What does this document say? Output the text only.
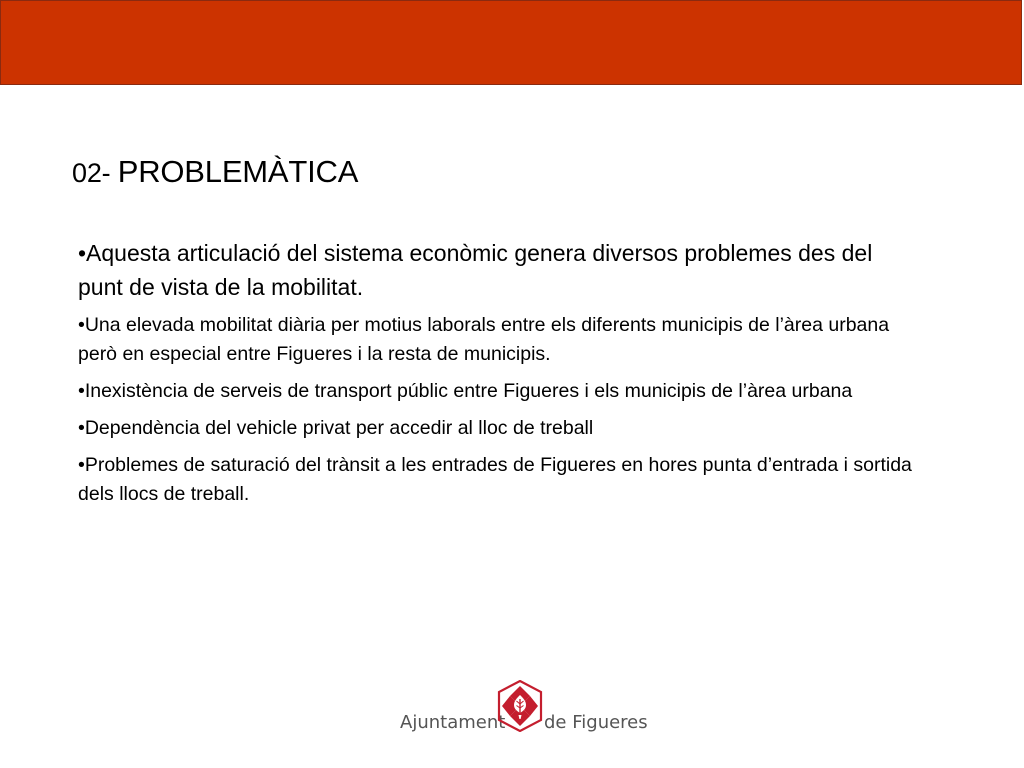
02- PROBLEMÀTICA

•Aquesta articulació del sistema econòmic genera diversos problemes des del punt de vista de la mobilitat.

•Una elevada mobilitat diària per motius laborals entre els diferents municipis de l’àrea urbana però en especial entre Figueres i la resta de municipis.

•Inexistència de serveis de transport públic entre Figueres i els municipis de l’àrea urbana

•Dependència del vehicle privat per accedir al lloc de treball

•Problemes de saturació del trànsit a les entrades de Figueres en hores punta d’entrada i sortida dels llocs de treball.

Ajuntament de Figueres
